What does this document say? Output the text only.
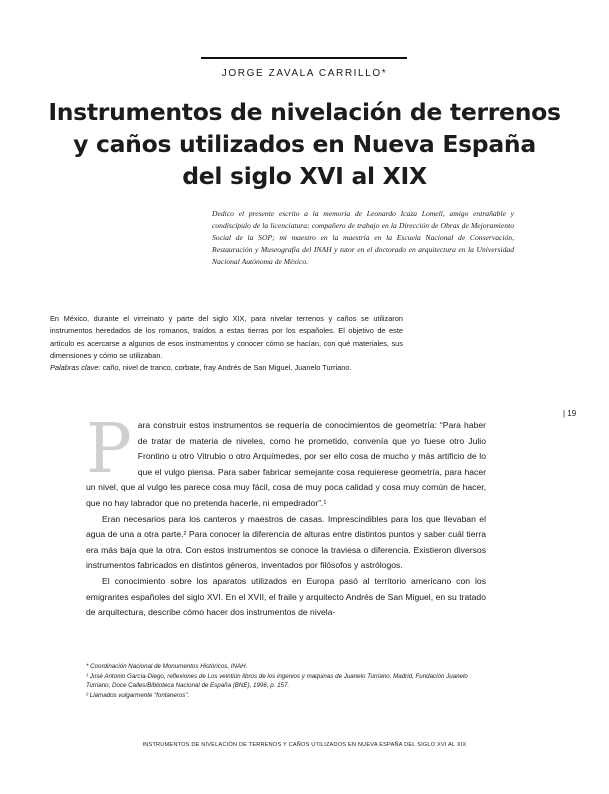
JORGE ZAVALA CARRILLO*
Instrumentos de nivelación de terrenos
y caños utilizados en Nueva España
del siglo XVI al XIX
Dedico el presente escrito a la memoria de Leonardo Icaza Lomelí, amigo entrañable y condiscípulo de la licenciatura; compañero de trabajo en la Dirección de Obras de Mejoramiento Social de la SOP; mi maestro en la maestría en la Escuela Nacional de Conservación, Restauración y Museografía del INAH y tutor en el doctorado en arquitectura en la Universidad Nacional Autónoma de México.
En México, durante el virreinato y parte del siglo XIX, para nivelar terrenos y caños se utilizaron instrumentos heredados de los romanos, traídos a estas tierras por los españoles. El objetivo de este artículo es acercarse a algunos de esos instrumentos y conocer cómo se hacían, con qué materiales, sus dimensiones y cómo se utilizaban.
Palabras clave: caño, nivel de tranco, corbate, fray Andrés de San Miguel, Juanelo Turriano.
| 19

Para construir estos instrumentos se requería de conocimientos de geometría: “Para haber de tratar de materia de niveles, como he prometido, convenía que yo fuese otro Julio Frontino u otro Vitrubio o otro Arquímedes, por ser ello cosa de mucho y más artificio de lo que el vulgo piensa. Para saber fabricar semejante cosa requierese geometría, para hacer un nivel, que al vulgo les parece cosa muy fácil, cosa de muy poca calidad y cosa muy común de hacer, que no hay labrador que no pretenda hacerle, ni empedrador”.¹

Eran necesarios para los canteros y maestros de casas. Imprescindibles para los que llevaban el agua de una a otra parte.² Para conocer la diferencia de alturas entre distintos puntos y saber cuál tierra era más baja que la otra. Con estos instrumentos se conoce la traviesa o diferencia. Existieron diversos instrumentos fabricados en distintos géneros, inventados por filósofos y astrólogos.

El conocimiento sobre los aparatos utilizados en Europa pasó al territorio americano con los emigrantes españoles del siglo XVI. En el XVII, el fraile y arquitecto Andrés de San Miguel, en su tratado de arquitectura, describe cómo hacer dos instrumentos de nivela-

* Coordinación Nacional de Monumentos Históricos, INAH.
¹ José Antonio García-Diego, reflexiones de Los veintiún libros de los ingenios y maquinas de Juanelo Turriano, Madrid, Fundación Juanelo Turriano, Doce Calles/Biblioteca Nacional de España (BNE), 1996, p. 157.
² Llamados vulgarmente “fontaneros”.
INSTRUMENTOS DE NIVELACIÓN DE TERRENOS Y CAÑOS UTILIZADOS EN NUEVA ESPAÑA DEL SIGLO XVI AL XIX
